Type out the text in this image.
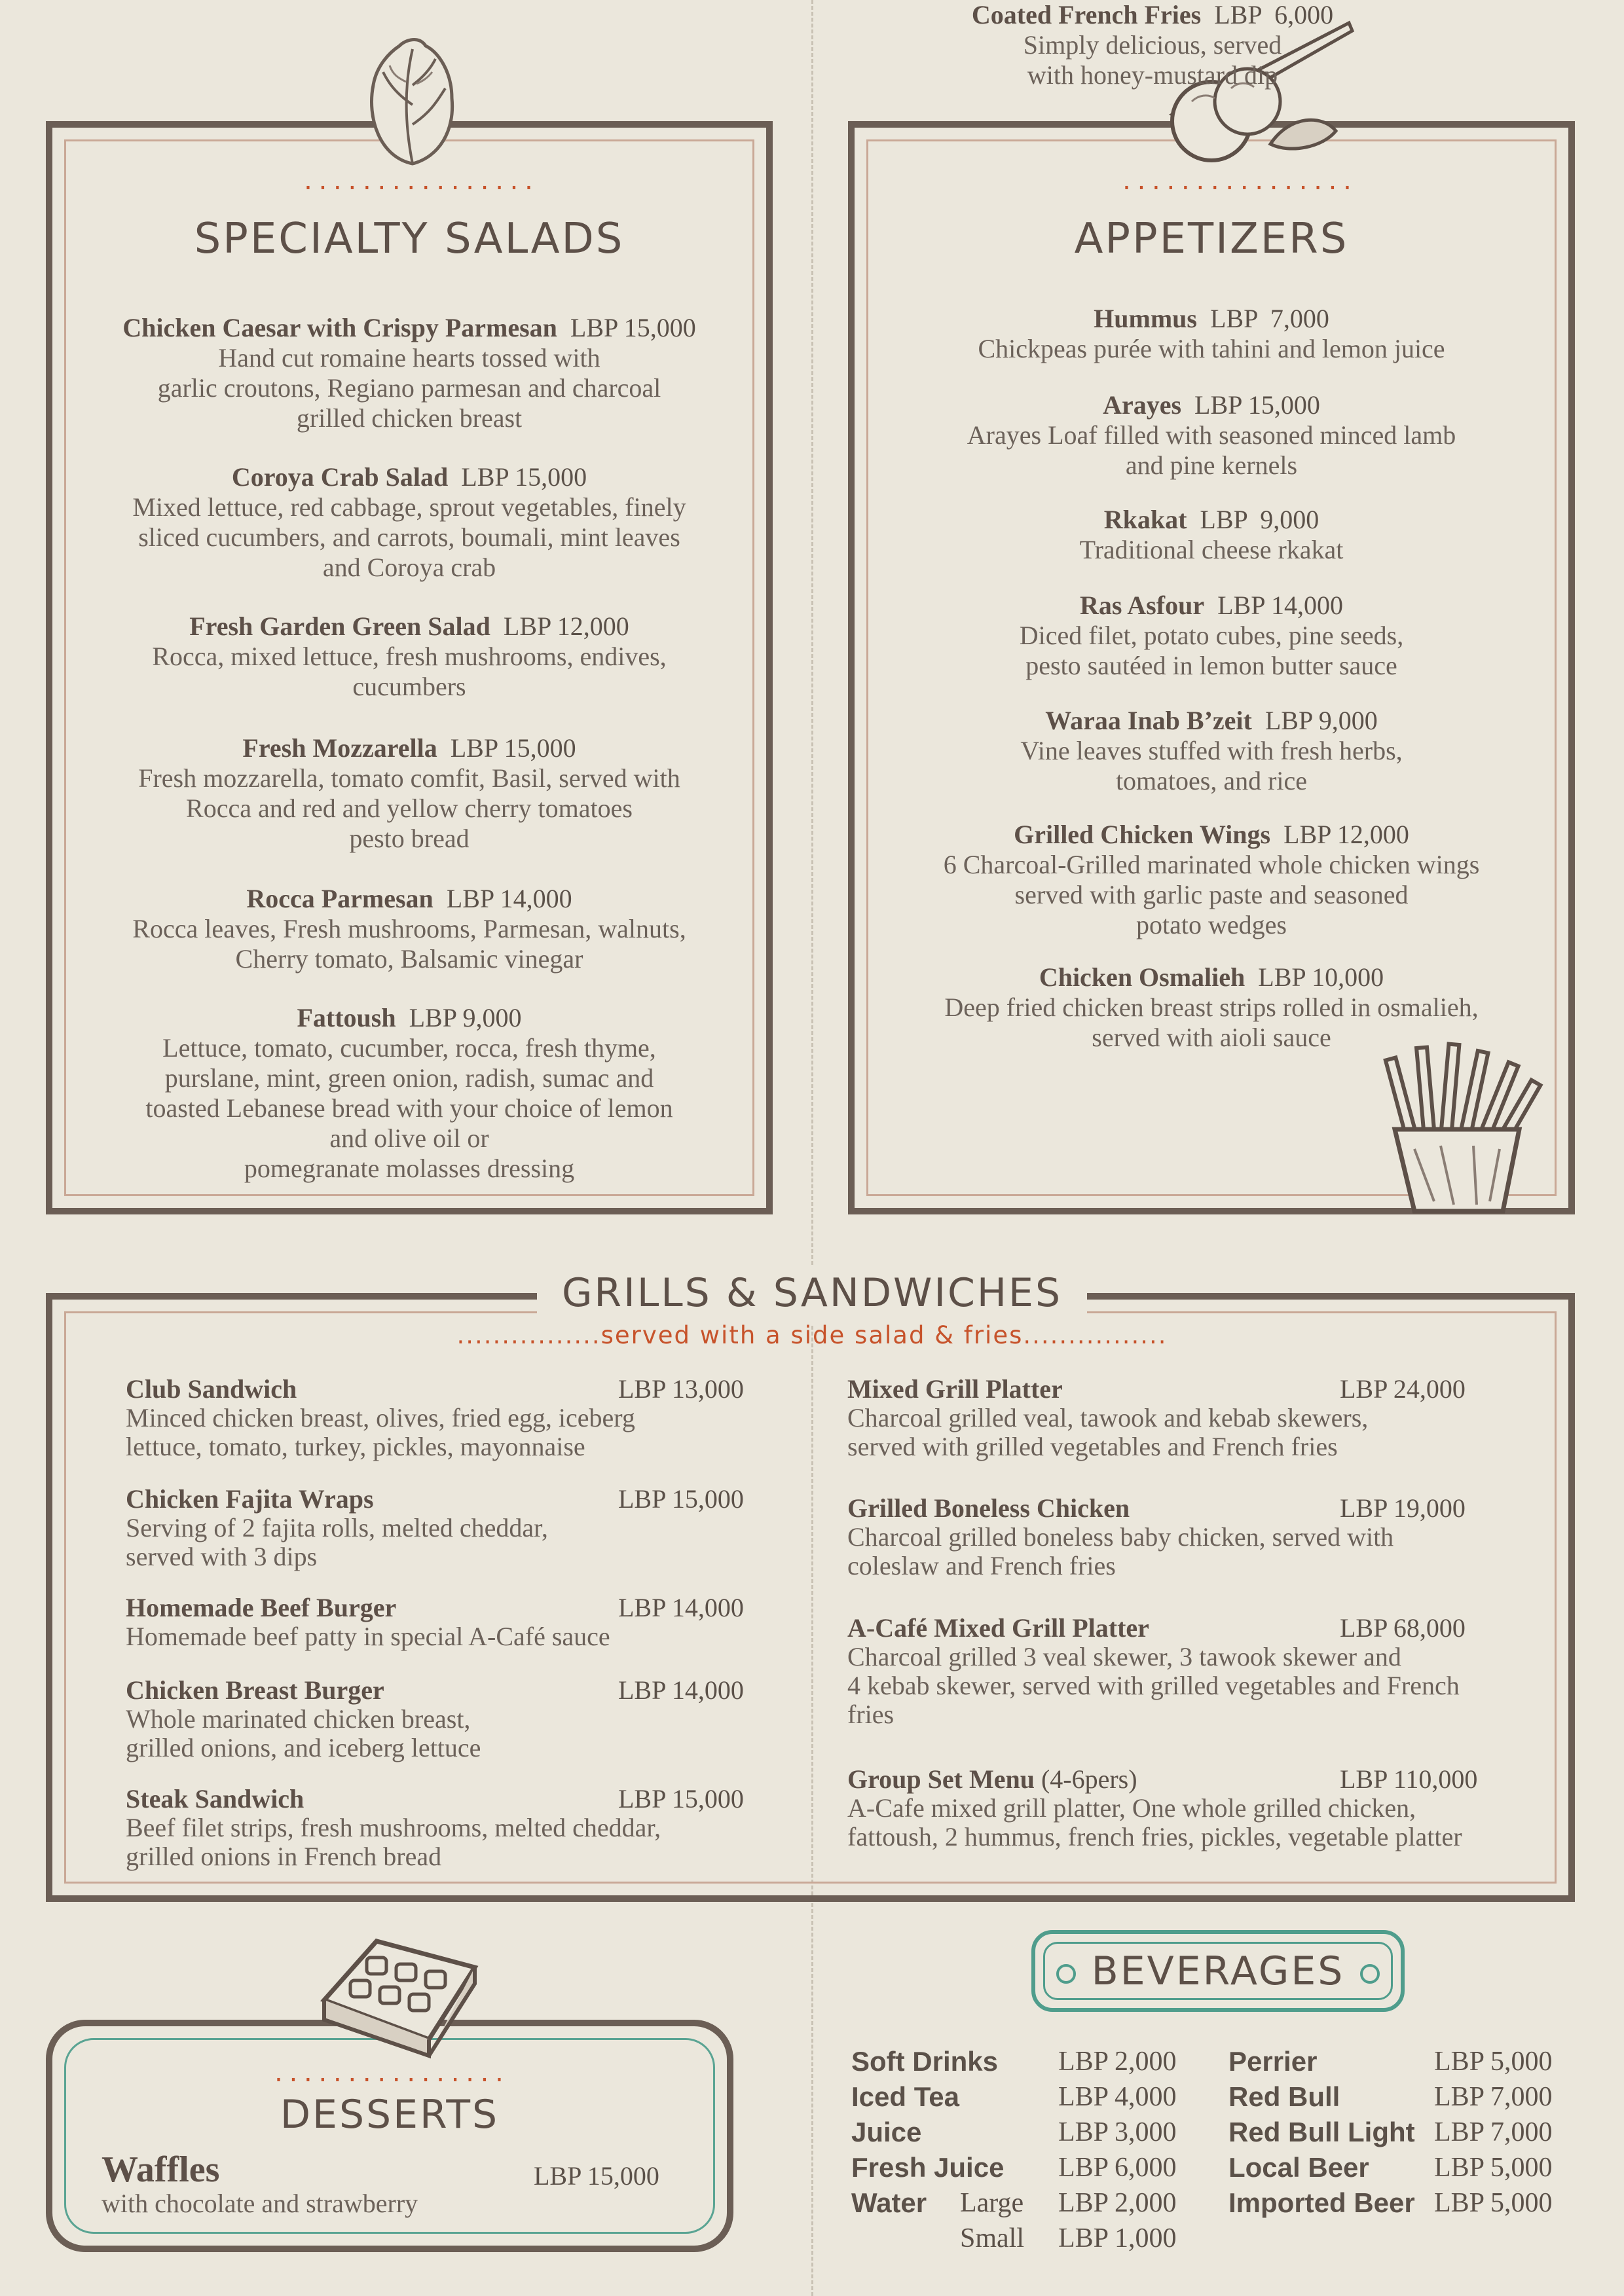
................
SPECIALTY SALADS
Chicken Caesar with Crispy Parmesan  LBP 15,000
Hand cut romaine hearts tossed with
garlic croutons, Regiano parmesan and charcoal
grilled chicken breast
Coroya Crab Salad  LBP 15,000
Mixed lettuce, red cabbage, sprout vegetables, finely
sliced cucumbers, and carrots, boumali, mint leaves
and Coroya crab
Fresh Garden Green Salad  LBP 12,000
Rocca, mixed lettuce, fresh mushrooms, endives,
cucumbers
Fresh Mozzarella  LBP 15,000
Fresh mozzarella, tomato comfit, Basil, served with
Rocca and red and yellow cherry tomatoes
pesto bread
Rocca Parmesan  LBP 14,000
Rocca leaves, Fresh mushrooms, Parmesan, walnuts,
Cherry tomato, Balsamic vinegar
Fattoush  LBP 9,000
Lettuce, tomato, cucumber, rocca, fresh thyme,
purslane, mint, green onion, radish, sumac and
toasted Lebanese bread with your choice of lemon
and olive oil or
pomegranate molasses dressing
................
APPETIZERS
Hummus  LBP  7,000
Chickpeas purée with tahini and lemon juice
Arayes  LBP 15,000
Arayes Loaf filled with seasoned minced lamb
and pine kernels
Rkakat  LBP  9,000
Traditional cheese rkakat
Ras Asfour  LBP 14,000
Diced filet, potato cubes, pine seeds,
pesto sautéed in lemon butter sauce
Waraa Inab B’zeit  LBP 9,000
Vine leaves stuffed with fresh herbs,
tomatoes, and rice
Grilled Chicken Wings  LBP 12,000
6 Charcoal-Grilled marinated whole chicken wings
served with garlic paste and seasoned
potato wedges
Chicken Osmalieh  LBP 10,000
Deep fried chicken breast strips rolled in osmalieh,
served with aioli sauce
Coated French Fries  LBP  6,000
Simply delicious, served
with honey-mustard dip
GRILLS & SANDWICHES
................served with a side salad & fries................
Club Sandwich	LBP 13,000
Minced chicken breast, olives, fried egg, iceberg
lettuce, tomato, turkey, pickles, mayonnaise
Chicken Fajita Wraps	LBP 15,000
Serving of 2 fajita rolls, melted cheddar,
served with 3 dips
Homemade Beef Burger	LBP 14,000
Homemade beef patty in special A-Café sauce
Chicken Breast Burger	LBP 14,000
Whole marinated chicken breast,
grilled onions, and iceberg lettuce
Steak Sandwich	LBP 15,000
Beef filet strips, fresh mushrooms, melted cheddar,
grilled onions in French bread
Mixed Grill Platter	LBP 24,000
Charcoal grilled veal, tawook and kebab skewers,
served with grilled vegetables and French fries
Grilled Boneless Chicken	LBP 19,000
Charcoal grilled boneless baby chicken, served with
coleslaw and French fries
A-Café Mixed Grill Platter	LBP 68,000
Charcoal grilled 3 veal skewer, 3 tawook skewer and
4 kebab skewer, served with grilled vegetables and French
fries
Group Set Menu (4-6pers)	LBP 110,000
A-Cafe mixed grill platter, One whole grilled chicken,
fattoush, 2 hummus, french fries, pickles, vegetable platter
................
DESSERTS
Waffles	LBP 15,000
with chocolate and strawberry
BEVERAGES
Soft Drinks LBP 2,000
Iced Tea	LBP 4,000
Juice	LBP 3,000
Fresh Juice LBP 6,000
Water Large LBP 2,000
Small LBP 1,000
Perrier	LBP 5,000
Red Bull	LBP 7,000
Red Bull Light LBP 7,000
Local Beer LBP 5,000
Imported Beer LBP 5,000
